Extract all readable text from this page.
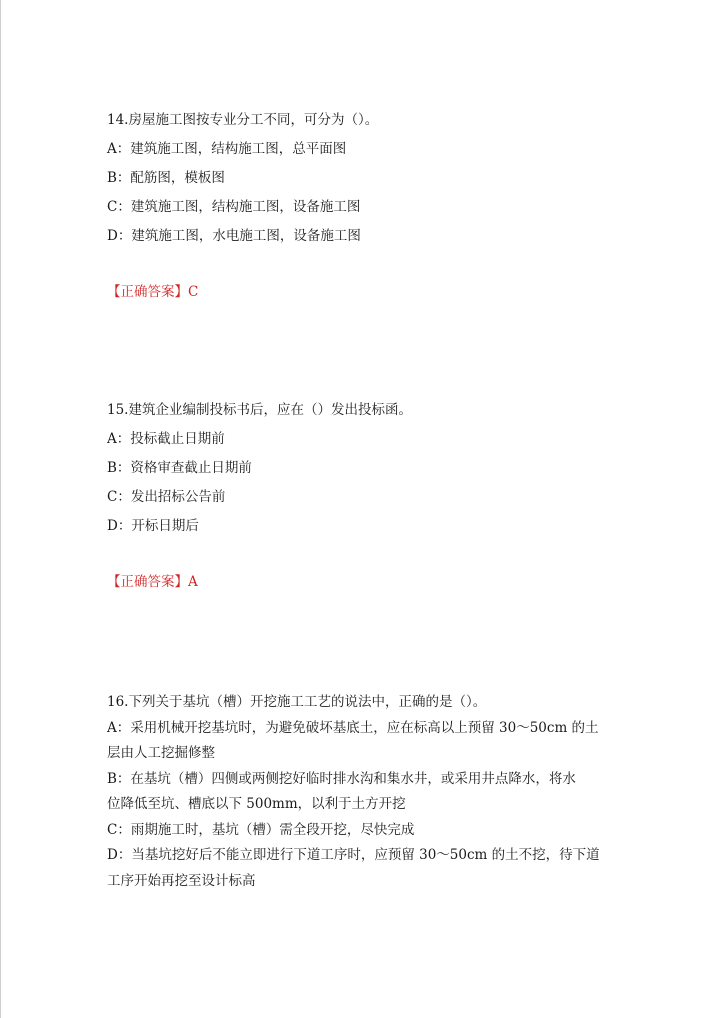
14.房屋施工图按专业分工不同，可分为（）。
A：建筑施工图，结构施工图，总平面图
B：配筋图，模板图
C：建筑施工图，结构施工图，设备施工图
D：建筑施工图，水电施工图，设备施工图
【正确答案】C
15.建筑企业编制投标书后，应在（）发出投标函。
A：投标截止日期前
B：资格审查截止日期前
C：发出招标公告前
D：开标日期后
【正确答案】A
16.下列关于基坑（槽）开挖施工工艺的说法中，正确的是（）。
A：采用机械开挖基坑时，为避免破坏基底土，应在标高以上预留 30～50cm 的土
层由人工挖掘修整
B：在基坑（槽）四侧或两侧挖好临时排水沟和集水井，或采用井点降水，将水
位降低至坑、槽底以下 500mm，以利于土方开挖
C：雨期施工时，基坑（槽）需全段开挖，尽快完成
D：当基坑挖好后不能立即进行下道工序时，应预留 30～50cm 的土不挖，待下道
工序开始再挖至设计标高
